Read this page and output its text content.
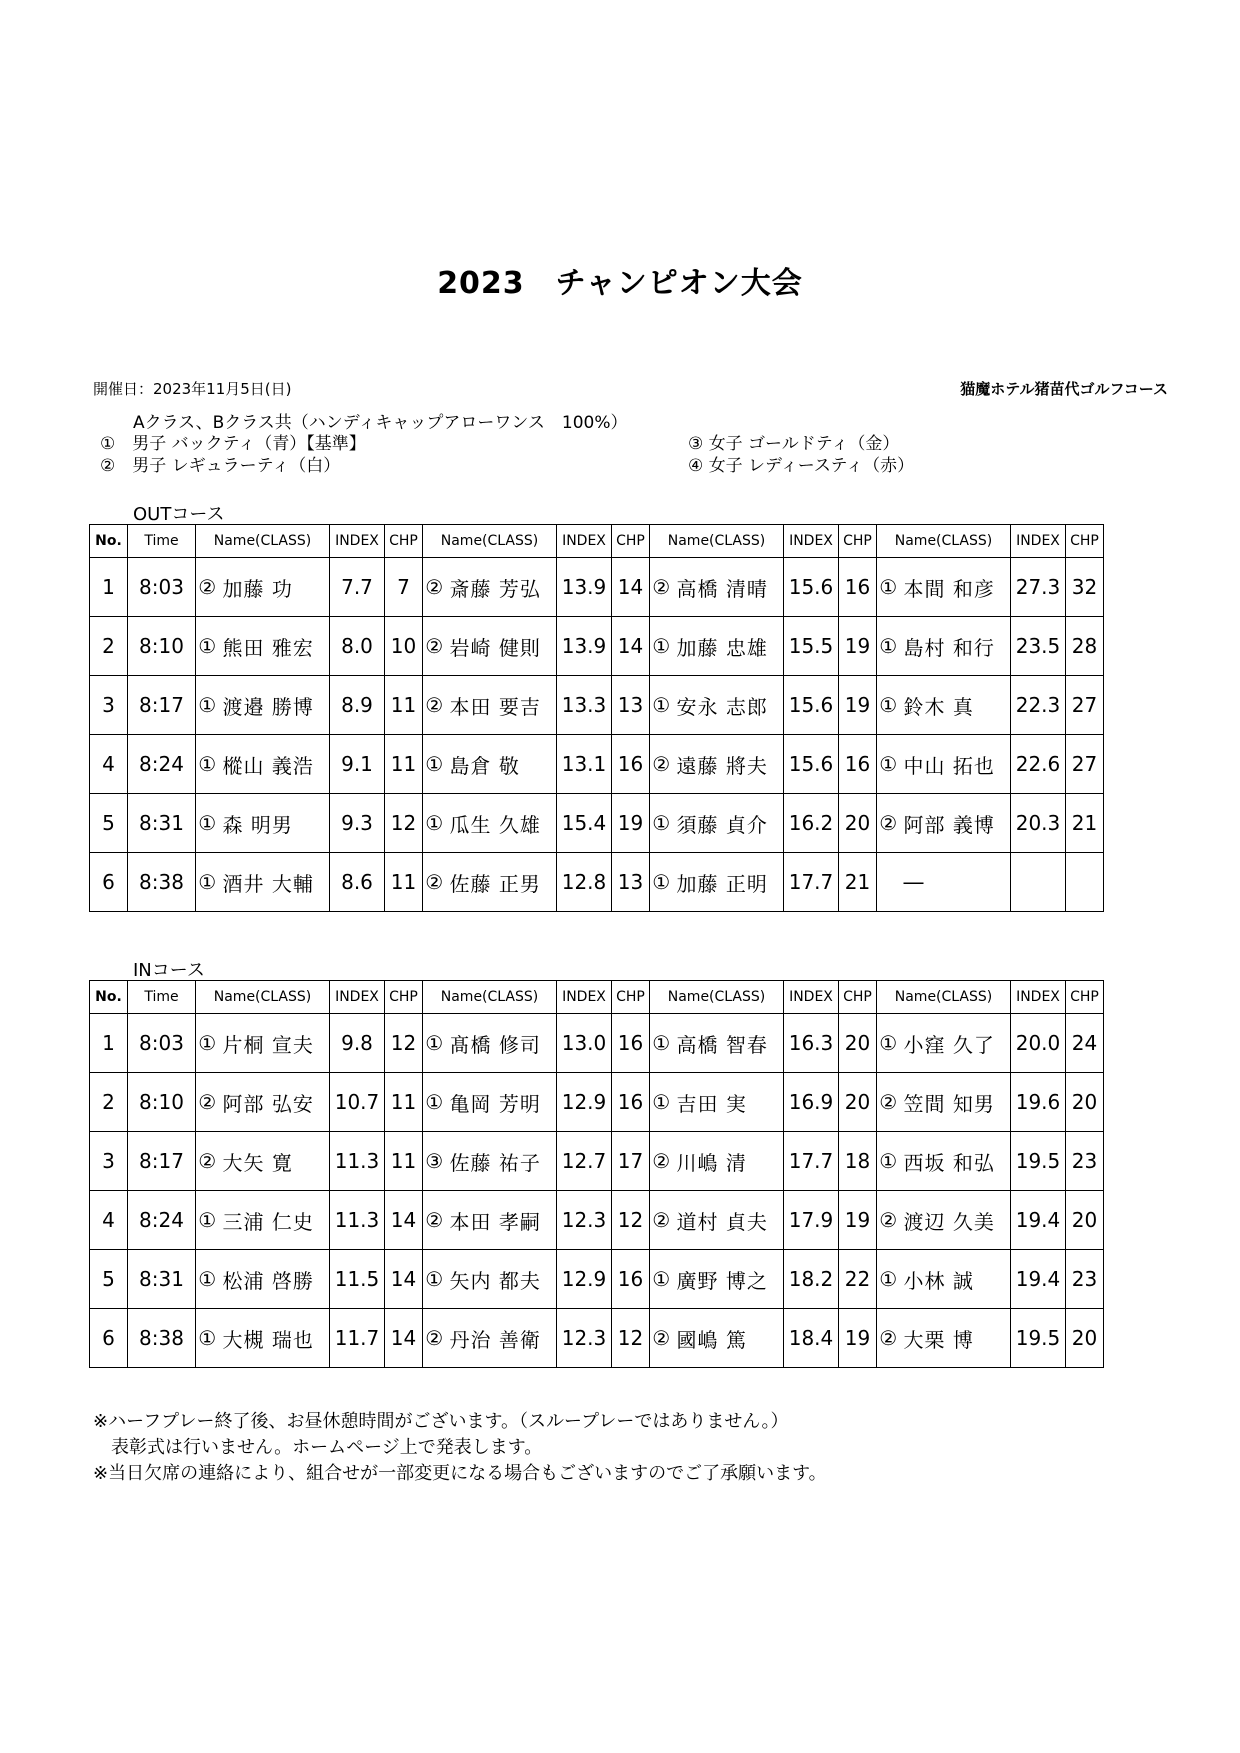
2023　チャンピオン大会
開催日：2023年11月5日(日)	猫魔ホテル猪苗代ゴルフコース
Aクラス、Bクラス共（ハンディキャップアローワンス　100%）
①　男子 バックティ（青）【基準】
②　男子 レギュラーティ（白）
③ 女子 ゴールドティ（金）
④ 女子 レディースティ（赤）
OUTコース
No.	Time	Name(CLASS)		INDEX	CHP	Name(CLASS)		INDEX	CHP	Name(CLASS)		INDEX	CHP	Name(CLASS)		INDEX	CHP
1	8:03	②	加藤 功	7.7	7	②	斎藤 芳弘	13.9	14	②	高橋 清晴	15.6	16	①	本間 和彦	27.3	32
2	8:10	①	熊田 雅宏	8.0	10	②	岩崎 健則	13.9	14	①	加藤 忠雄	15.5	19	①	島村 和行	23.5	28
3	8:17	①	渡邉 勝博	8.9	11	②	本田 要吉	13.3	13	①	安永 志郎	15.6	19	①	鈴木 真	22.3	27
4	8:24	①	樅山 義浩	9.1	11	①	島倉 敬	13.1	16	②	遠藤 將夫	15.6	16	①	中山 拓也	22.6	27
5	8:31	①	森 明男	9.3	12	①	瓜生 久雄	15.4	19	①	須藤 貞介	16.2	20	②	阿部 義博	20.3	21
6	8:38	①	酒井 大輔	8.6	11	②	佐藤 正男	12.8	13	①	加藤 正明	17.7	21		―		
INコース
No.	Time	Name(CLASS)		INDEX	CHP	Name(CLASS)		INDEX	CHP	Name(CLASS)		INDEX	CHP	Name(CLASS)		INDEX	CHP
1	8:03	①	片桐 宣夫	9.8	12	①	髙橋 修司	13.0	16	①	高橋 智春	16.3	20	①	小窪 久了	20.0	24
2	8:10	②	阿部 弘安	10.7	11	①	亀岡 芳明	12.9	16	①	吉田 実	16.9	20	②	笠間 知男	19.6	20
3	8:17	②	大矢 寛	11.3	11	③	佐藤 祐子	12.7	17	②	川嶋 清	17.7	18	①	西坂 和弘	19.5	23
4	8:24	①	三浦 仁史	11.3	14	②	本田 孝嗣	12.3	12	②	道村 貞夫	17.9	19	②	渡辺 久美	19.4	20
5	8:31	①	松浦 啓勝	11.5	14	①	矢内 都夫	12.9	16	①	廣野 博之	18.2	22	①	小林 誠	19.4	23
6	8:38	①	大槻 瑞也	11.7	14	②	丹治 善衛	12.3	12	②	國嶋 篤	18.4	19	②	大栗 博	19.5	20
※ハーフプレー終了後、お昼休憩時間がございます。（スループレーではありません。）
　表彰式は行いません。ホームページ上で発表します。
※当日欠席の連絡により、組合せが一部変更になる場合もございますのでご了承願います。
